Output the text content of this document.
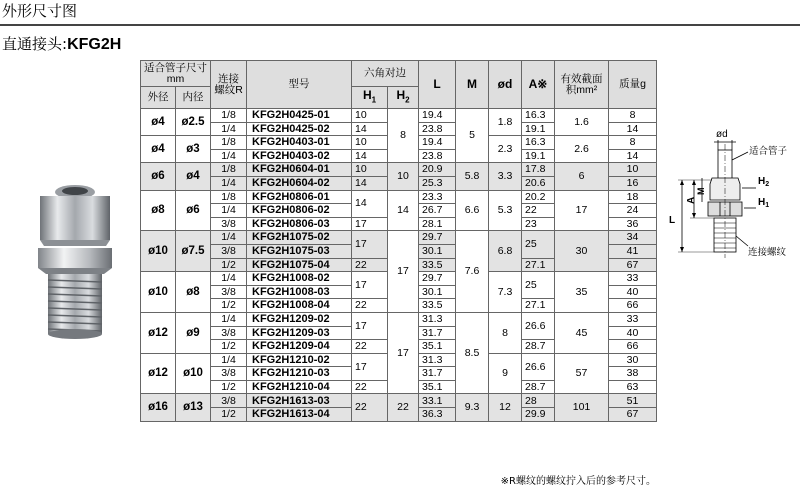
外形尺寸图
直通接头:KFG2H
适合管子尺寸mm		连接螺纹R	型号	六角对边		L	M	ød	A※	有效截面积mm²	质量g
外径	内径			$H_1$	$H_2$
ø4	ø2.5	1/8	KFG2H0425-01	10	8	19.4	5	1.8	16.3	1.6	8
		1/4	KFG2H0425-02	14		23.8			19.1		14
ø4	ø3	1/8	KFG2H0403-01	10		19.4		2.3	16.3	2.6	8
		1/4	KFG2H0403-02	14		23.8			19.1		14
ø6	ø4	1/8	KFG2H0604-01	10	10	20.9	5.8	3.3	17.8	6	10
		1/4	KFG2H0604-02	14		25.3			20.6		16
ø8	ø6	1/8	KFG2H0806-01	14	14	23.3	6.6	5.3	20.2	17	18
		1/4	KFG2H0806-02			26.7			22		24
		3/8	KFG2H0806-03	17		28.1			23		36
ø10	ø7.5	1/4	KFG2H1075-02	17	17	29.7	7.6	6.8	25	30	34
		3/8	KFG2H1075-03			30.1					41
		1/2	KFG2H1075-04	22		33.5			27.1		67
ø10	ø8	1/4	KFG2H1008-02	17		29.7		7.3	25	35	33
		3/8	KFG2H1008-03			30.1					40
		1/2	KFG2H1008-04	22		33.5			27.1		66
ø12	ø9	1/4	KFG2H1209-02	17	17	31.3	8.5	8	26.6	45	33
		3/8	KFG2H1209-03			31.7					40
		1/2	KFG2H1209-04	22		35.1			28.7		66
ø12	ø10	1/4	KFG2H1210-02	17		31.3		9	26.6	57	30
		3/8	KFG2H1210-03			31.7					38
		1/2	KFG2H1210-04	22		35.1			28.7		63
ø16	ø13	3/8	KFG2H1613-03	22	22	33.1	9.3	12	28	101	51
		1/2	KFG2H1613-04			36.3			29.9		67
※R螺纹的螺纹拧入后的参考尺寸。
ød
适合管子
$H_2$
$H_1$
M
A
L
连接螺纹
